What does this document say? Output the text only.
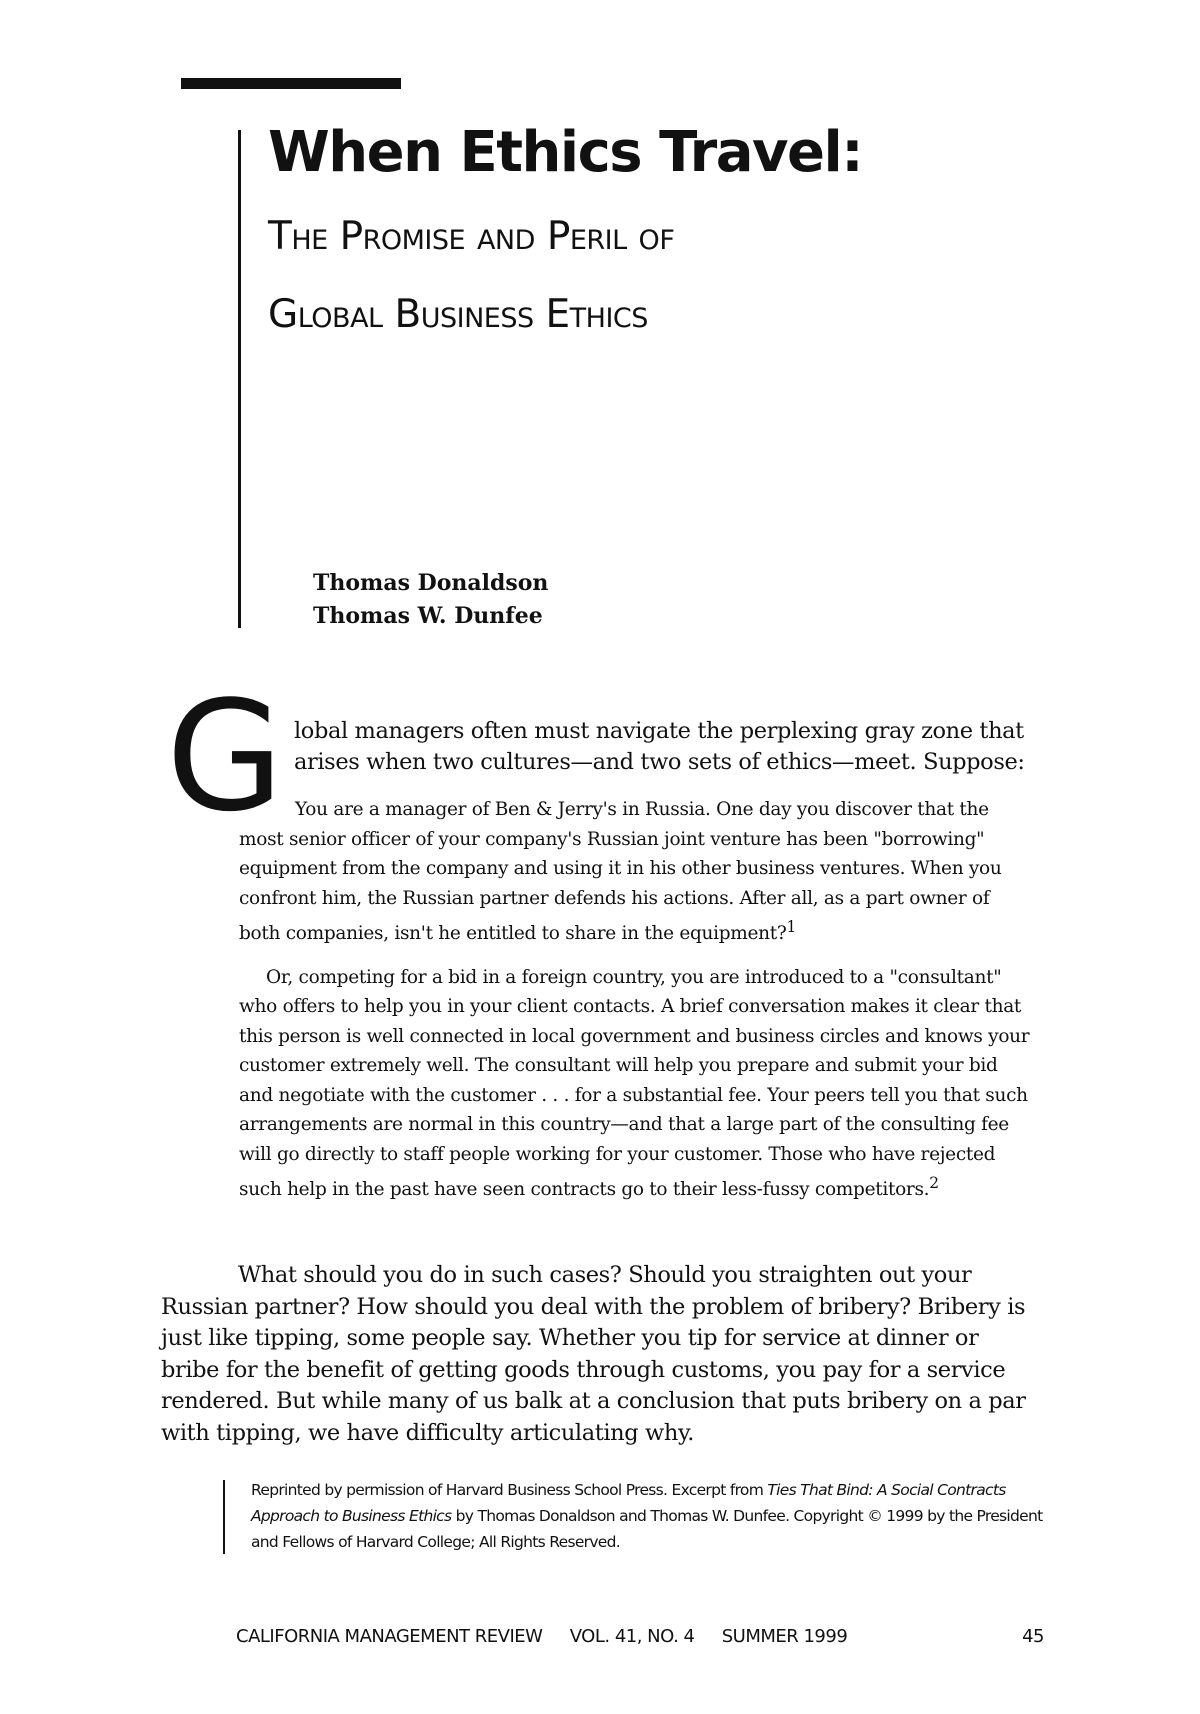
When Ethics Travel:
The Promise and Peril of
Global Business Ethics
Thomas Donaldson
Thomas W. Dunfee
G lobal managers often must navigate the perplexing gray zone that arises when two cultures—and two sets of ethics—meet. Suppose:

You are a manager of Ben & Jerry's in Russia. One day you discover that the most senior officer of your company's Russian joint venture has been "borrowing" equipment from the company and using it in his other business ventures. When you confront him, the Russian partner defends his actions. After all, as a part owner of both companies, isn't he entitled to share in the equipment?$^1$

Or, competing for a bid in a foreign country, you are introduced to a "consultant" who offers to help you in your client contacts. A brief conversation makes it clear that this person is well connected in local government and business circles and knows your customer extremely well. The consultant will help you prepare and submit your bid and negotiate with the customer . . . for a substantial fee. Your peers tell you that such arrangements are normal in this country—and that a large part of the consulting fee will go directly to staff people working for your customer. Those who have rejected such help in the past have seen contracts go to their less-fussy competitors.$^2$

What should you do in such cases? Should you straighten out your Russian partner? How should you deal with the problem of bribery? Bribery is just like tipping, some people say. Whether you tip for service at dinner or bribe for the benefit of getting goods through customs, you pay for a service rendered. But while many of us balk at a conclusion that puts bribery on a par with tipping, we have difficulty articulating why.

Reprinted by permission of Harvard Business School Press. Excerpt from Ties That Bind: A Social Contracts Approach to Business Ethics by Thomas Donaldson and Thomas W. Dunfee. Copyright © 1999 by the President and Fellows of Harvard College; All Rights Reserved.

CALIFORNIA MANAGEMENT REVIEW VOL. 41, NO. 4 SUMMER 1999	45
